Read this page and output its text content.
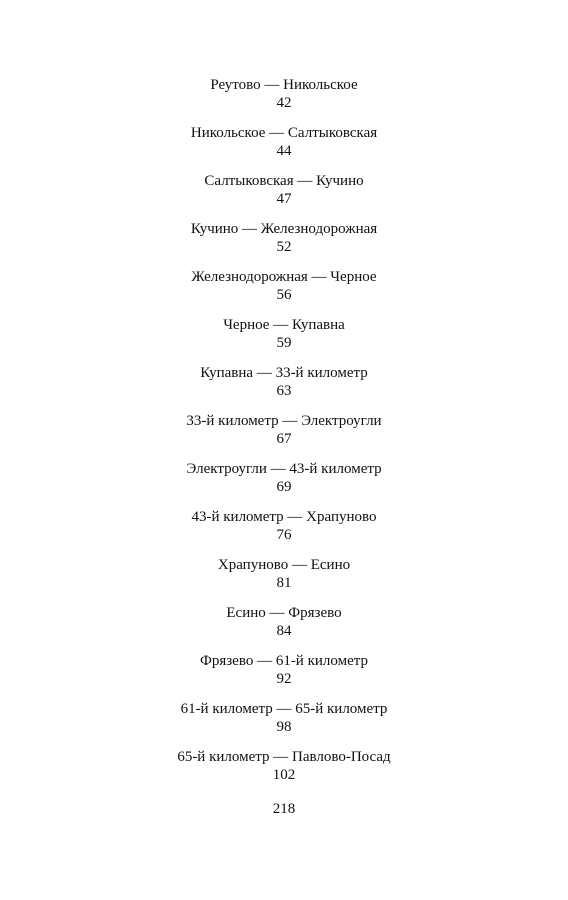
Реутово — Никольское
42
Никольское — Салтыковская
44
Салтыковская — Кучино
47
Кучино — Железнодорожная
52
Железнодорожная — Черное
56
Черное — Купавна
59
Купавна — 33-й километр
63
33-й километр — Электроугли
67
Электроугли — 43-й километр
69
43-й километр — Храпуново
76
Храпуново — Есино
81
Есино — Фрязево
84
Фрязево — 61-й километр
92
61-й километр — 65-й километр
98
65-й километр — Павлово-Посад
102
218
